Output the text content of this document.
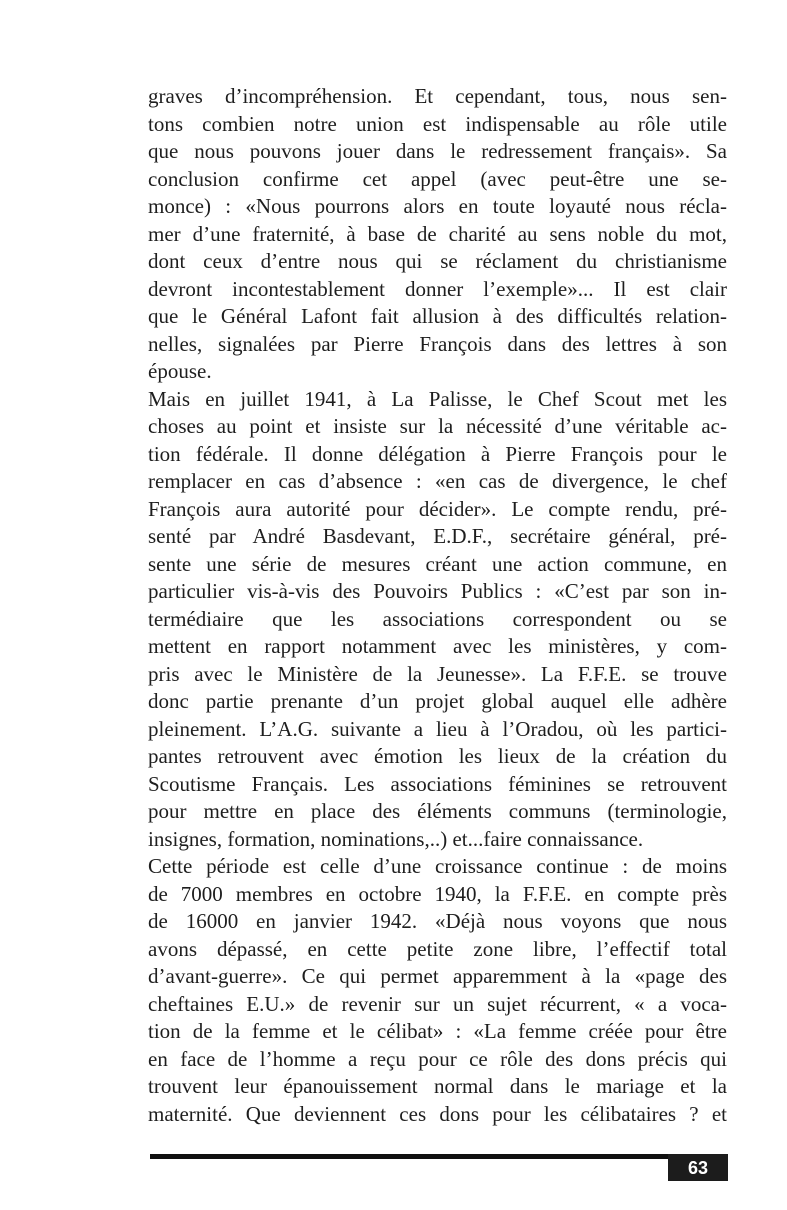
graves d’incompréhension. Et cependant, tous, nous sen-
tons combien notre union est indispensable au rôle utile
que nous pouvons jouer dans le redressement français». Sa
conclusion confirme cet appel (avec peut-être une se-
monce) : «Nous pourrons alors en toute loyauté nous récla-
mer d’une fraternité, à base de charité au sens noble du mot,
dont ceux d’entre nous qui se réclament du christianisme
devront incontestablement donner l’exemple»... Il est clair
que le Général Lafont fait allusion à des difficultés relation-
nelles, signalées par Pierre François dans des lettres à son
épouse.
Mais en juillet 1941, à La Palisse, le Chef Scout met les
choses au point et insiste sur la nécessité d’une véritable ac-
tion fédérale. Il donne délégation à Pierre François pour le
remplacer en cas d’absence : «en cas de divergence, le chef
François aura autorité pour décider». Le compte rendu, pré-
senté par André Basdevant, E.D.F., secrétaire général, pré-
sente une série de mesures créant une action commune, en
particulier vis-à-vis des Pouvoirs Publics : «C’est par son in-
termédiaire que les associations correspondent ou se
mettent en rapport notamment avec les ministères, y com-
pris avec le Ministère de la Jeunesse». La F.F.E. se trouve
donc partie prenante d’un projet global auquel elle adhère
pleinement. L’A.G. suivante a lieu à l’Oradou, où les partici-
pantes retrouvent avec émotion les lieux de la création du
Scoutisme Français. Les associations féminines se retrouvent
pour mettre en place des éléments communs (terminologie,
insignes, formation, nominations,..) et...faire connaissance.
Cette période est celle d’une croissance continue : de moins
de 7000 membres en octobre 1940, la F.F.E. en compte près
de 16000 en janvier 1942. «Déjà nous voyons que nous
avons dépassé, en cette petite zone libre, l’effectif total
d’avant-guerre». Ce qui permet apparemment à la «page des
cheftaines E.U.» de revenir sur un sujet récurrent, « a voca-
tion de la femme et le célibat» : «La femme créée pour être
en face de l’homme a reçu pour ce rôle des dons précis qui
trouvent leur épanouissement normal dans le mariage et la
maternité. Que deviennent ces dons pour les célibataires ? et
63
